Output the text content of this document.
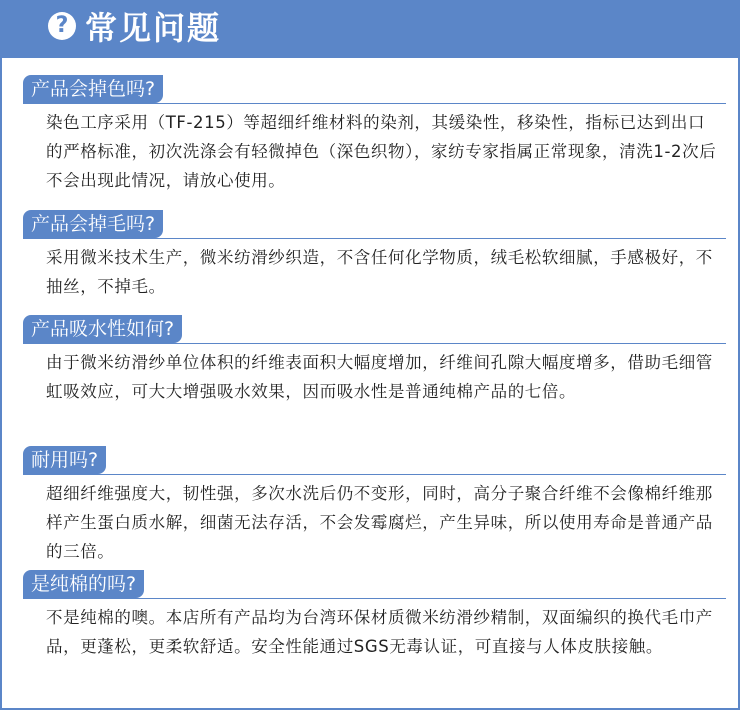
? 常见问题
产品会掉色吗?

染色工序采用（TF-215）等超细纤维材料的染剂，其缓染性，移染性，指标已达到出口的严格标准，初次洗涤会有轻微掉色（深色织物），家纺专家指属正常现象，清洗1-2次后不会出现此情况，请放心使用。

产品会掉毛吗?

采用微米技术生产，微米纺滑纱织造，不含任何化学物质，绒毛松软细腻，手感极好，不抽丝，不掉毛。

产品吸水性如何?

由于微米纺滑纱单位体积的纤维表面积大幅度增加，纤维间孔隙大幅度增多，借助毛细管虹吸效应，可大大增强吸水效果，因而吸水性是普通纯棉产品的七倍。

耐用吗?

超细纤维强度大，韧性强，多次水洗后仍不变形，同时，高分子聚合纤维不会像棉纤维那样产生蛋白质水解，细菌无法存活，不会发霉腐烂，产生异味，所以使用寿命是普通产品的三倍。

是纯棉的吗?

不是纯棉的噢。本店所有产品均为台湾环保材质微米纺滑纱精制，双面编织的换代毛巾产品，更蓬松，更柔软舒适。安全性能通过SGS无毒认证，可直接与人体皮肤接触。
